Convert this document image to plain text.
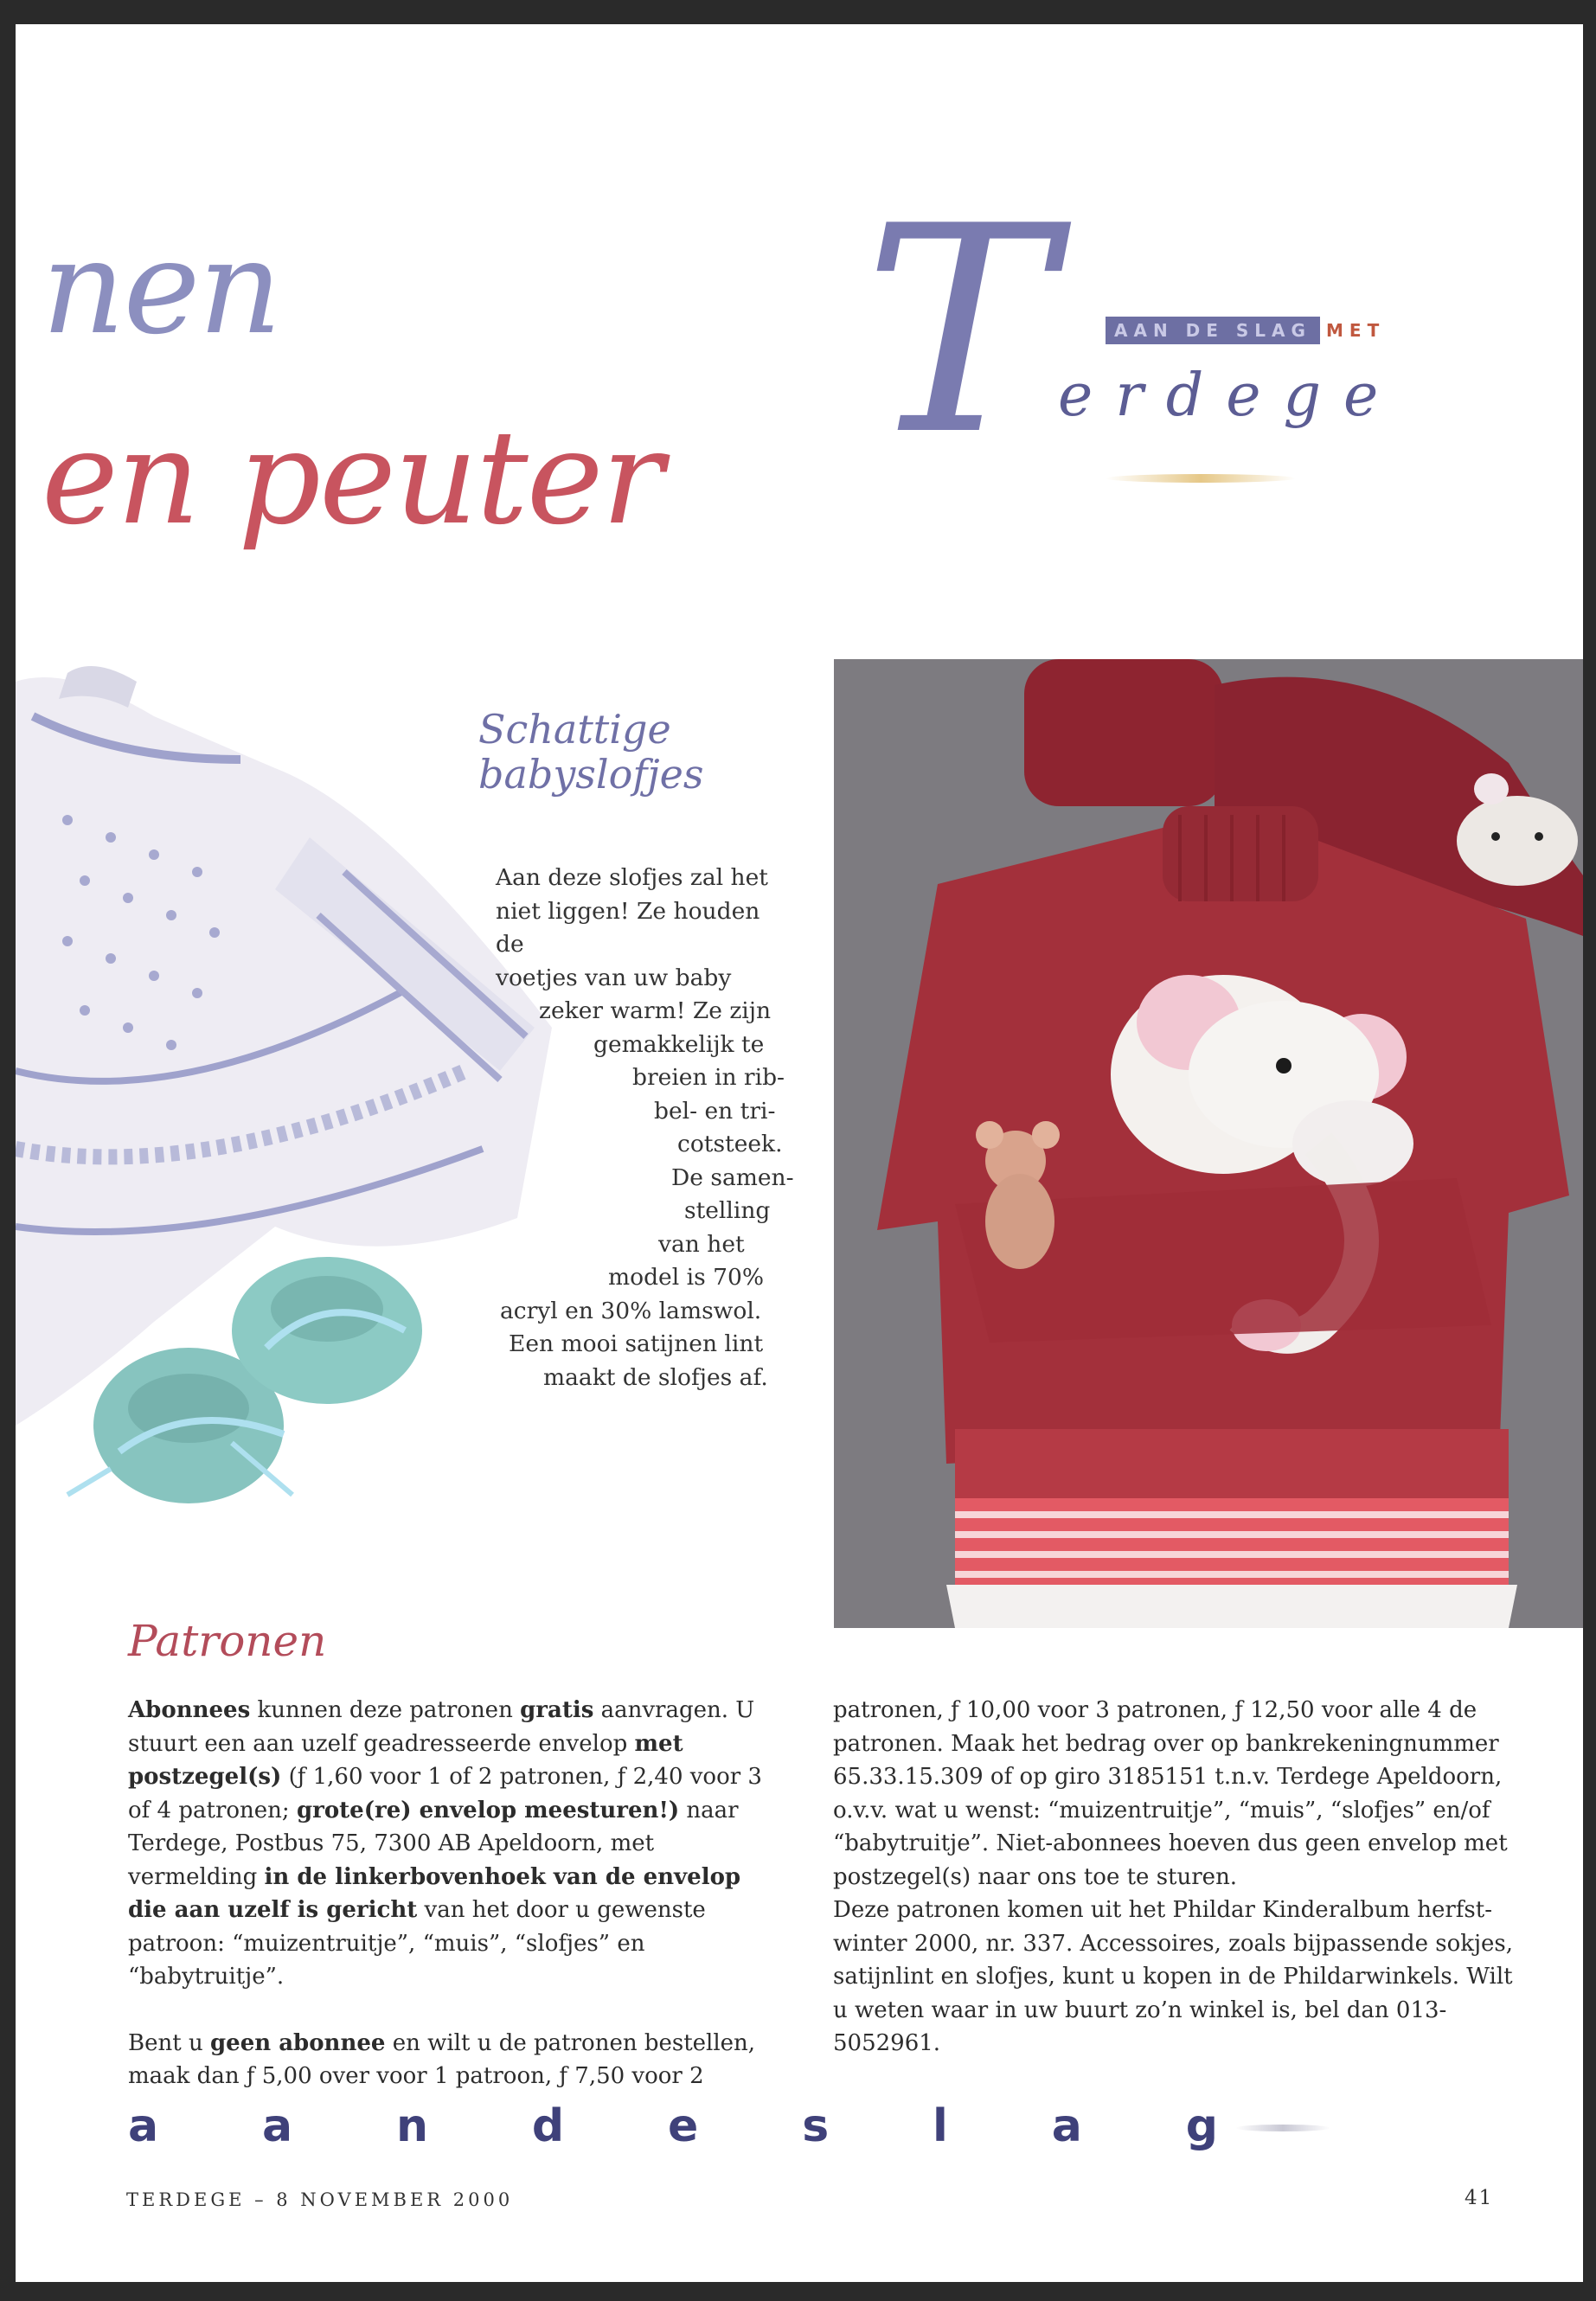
nen
en peuter T	AAN DE SLAG MET
erdege
Schattige
babyslofjes
Aan deze slofjes zal het
niet liggen! Ze houden de
voetjes van uw baby
zeker warm! Ze zijn
gemakkelijk te
breien in rib-
bel- en tri-
cotsteek.
De samen-
stelling
van het
model is 70%
acryl en 30% lamswol.
Een mooi satijnen lint
maakt de slofjes af.
Patronen

Abonnees kunnen deze patronen gratis aanvragen. U stuurt een aan uzelf geadresseerde envelop met postzegel(s) (ƒ 1,60 voor 1 of 2 patronen, ƒ 2,40 voor 3 of 4 patronen; grote(re) envelop meesturen!) naar Terdege, Postbus 75, 7300 AB Apeldoorn, met vermelding in de linkerbovenhoek van de envelop die aan uzelf is gericht van het door u gewenste patroon: “muizentruitje”, “muis”, “slofjes” en “babytruitje”.

Bent u geen abonnee en wilt u de patronen bestellen, maak dan ƒ 5,00 over voor 1 patroon, ƒ 7,50 voor 2

patronen, ƒ 10,00 voor 3 patronen, ƒ 12,50 voor alle 4 de patronen. Maak het bedrag over op bankrekeningnummer 65.33.15.309 of op giro 3185151 t.n.v. Terdege Apeldoorn, o.v.v. wat u wenst: “muizentruitje”, “muis”, “slofjes” en/of “babytruitje”. Niet-abonnees hoeven dus geen envelop met postzegel(s) naar ons toe te sturen.

Deze patronen komen uit het Phildar Kinderalbum herfst-winter 2000, nr. 337. Accessoires, zoals bijpassende sokjes, satijnlint en slofjes, kunt u kopen in de Phildarwinkels. Wilt u weten waar in uw buurt zo’n winkel is, bel dan 013-5052961.

a a n d e s l a g
TERDEGE – 8 NOVEMBER 2000	41
